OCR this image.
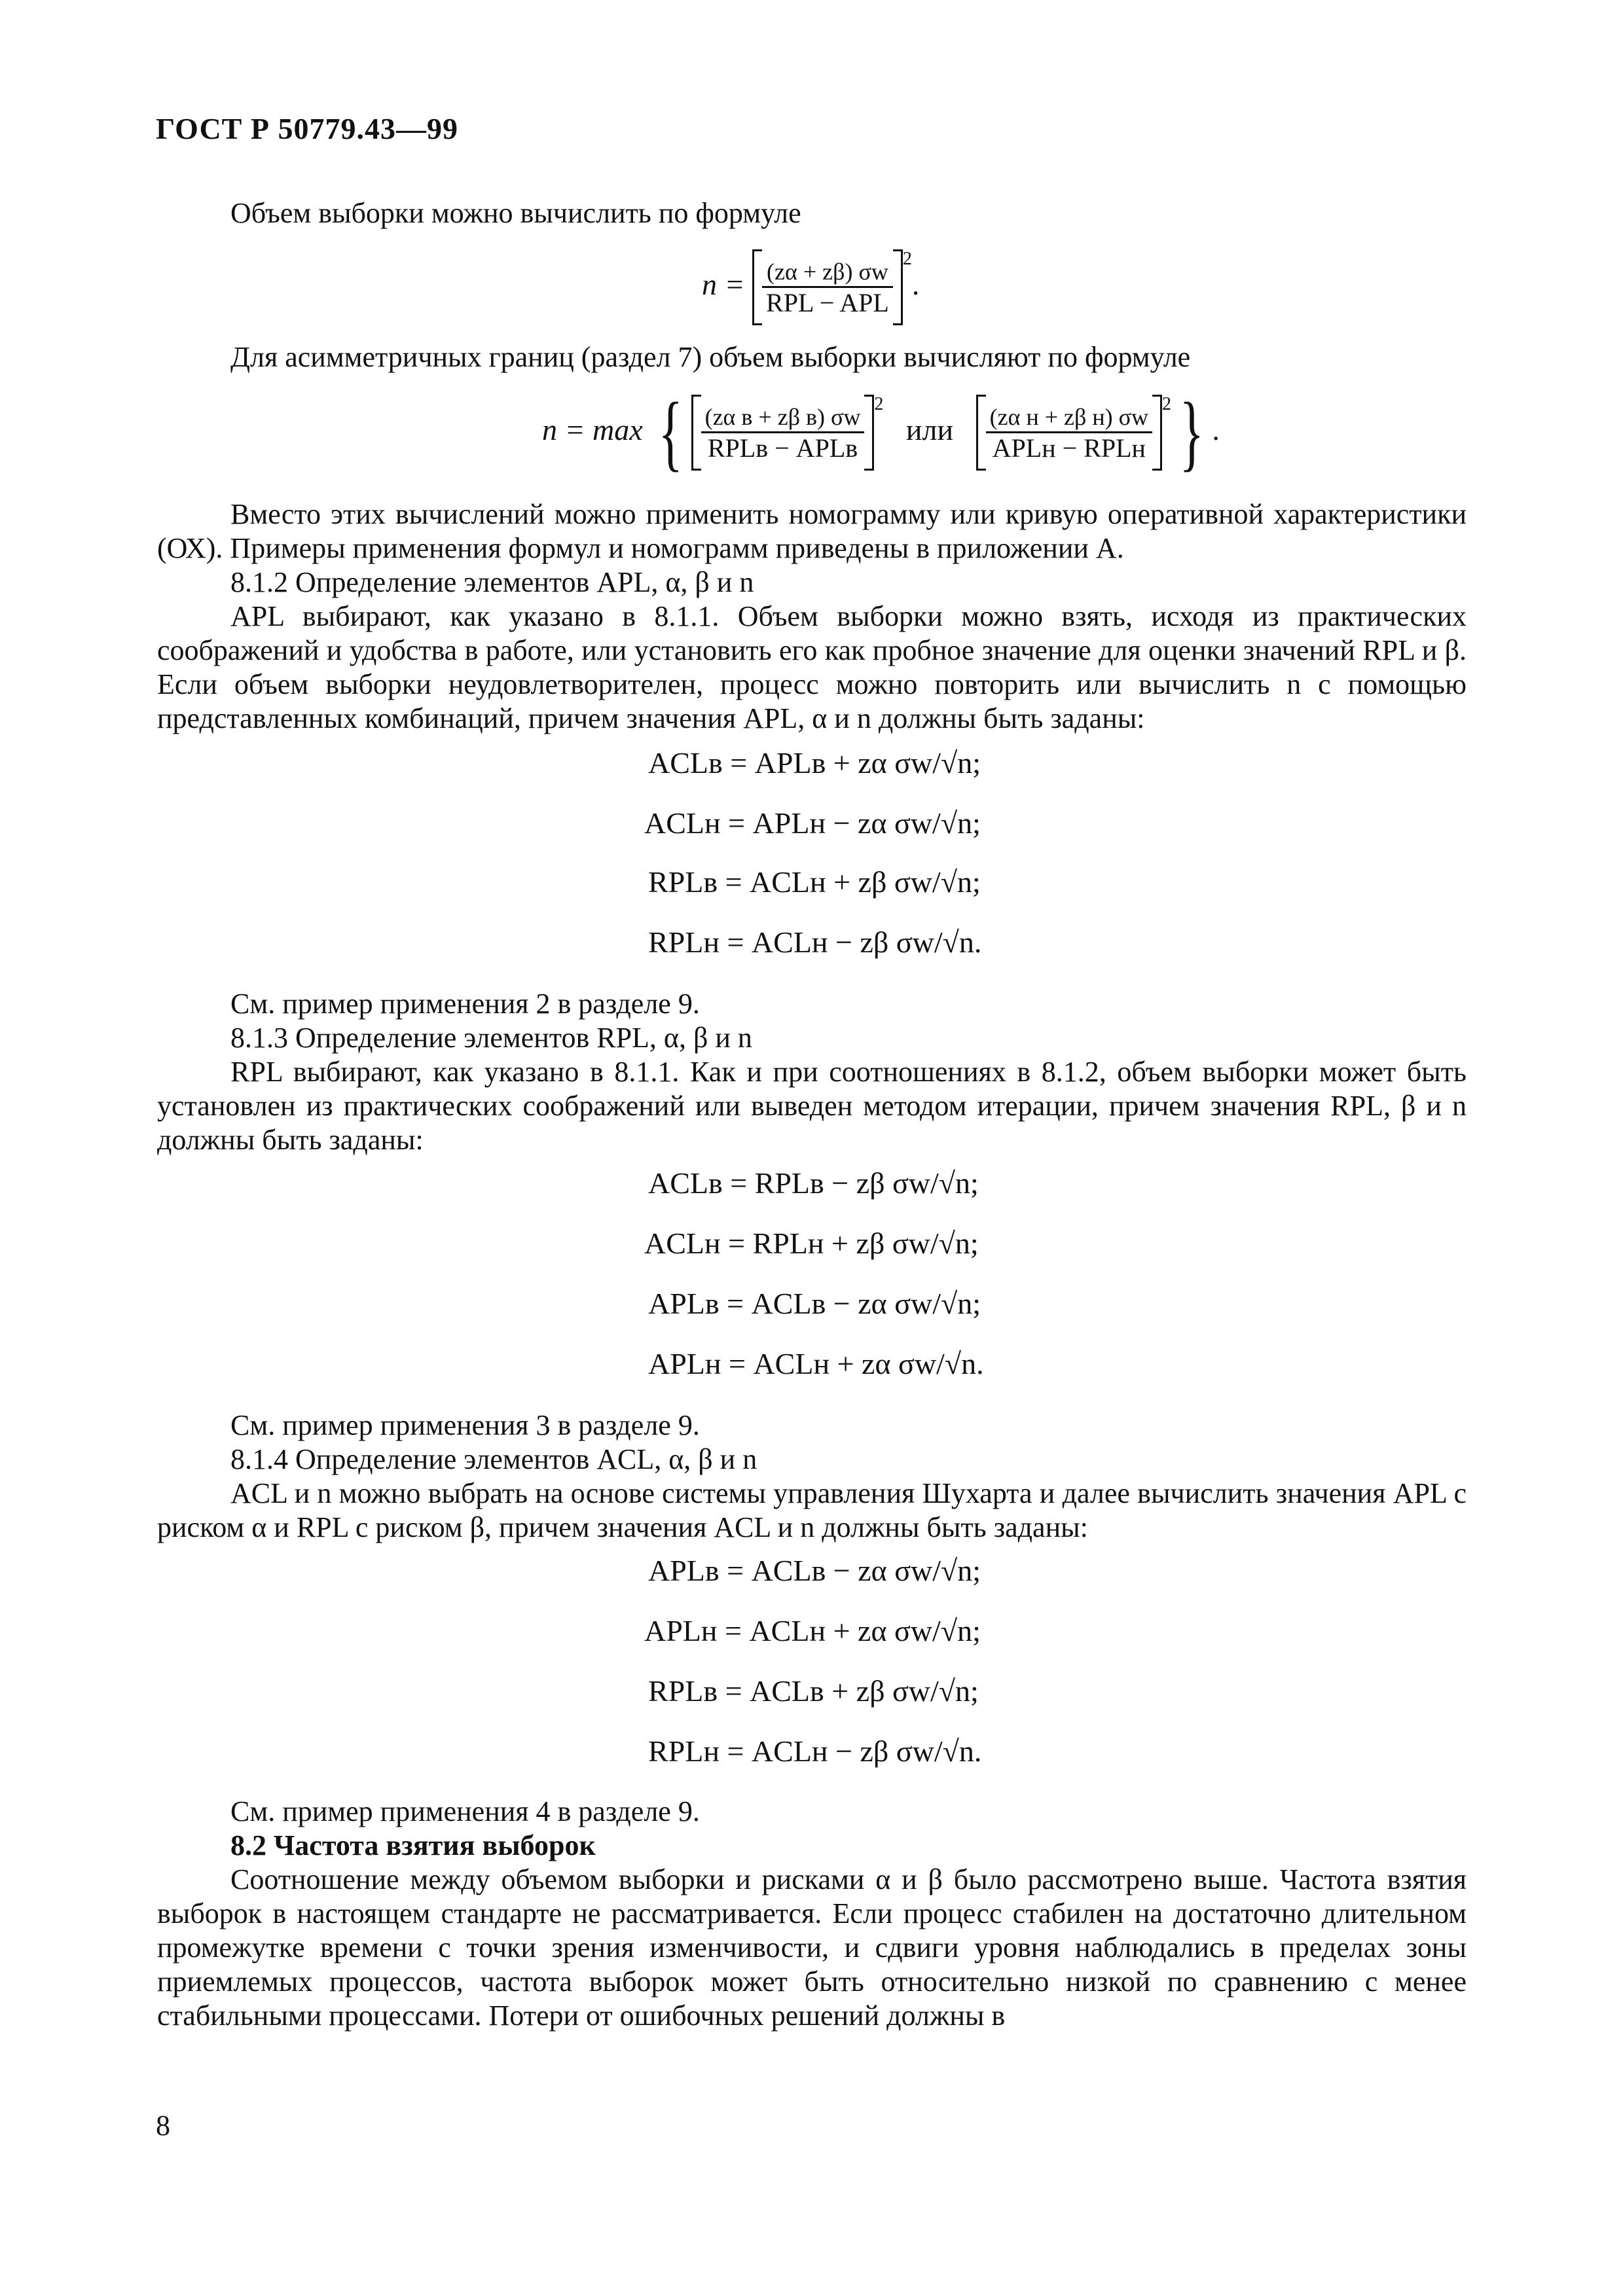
ГОСТ Р 50779.43—99
Объем выборки можно вычислить по формуле
$n = \frac{(z\alpha + z\beta) \sigma w}{\text{RPL − APL}} ^2$.
Для асимметричных границ (раздел 7) объем выборки вычисляют по формуле
n = max { $\frac{\text{(zα в + zβ в) σw}}{\text{RPLв − APLв}} ^2$   или $\frac{\text{(zα н + zβ н) σw}}{\text{APLн − RPLн}} ^2$} .
Вместо этих вычислений можно применить номограмму или кривую оперативной характеристики (ОХ). Примеры применения формул и номограмм приведены в приложении А.
8.1.2 Определение элементов APL, α, β и n
APL выбирают, как указано в 8.1.1. Объем выборки можно взять, исходя из практических соображений и удобства в работе, или установить его как пробное значение для оценки значений RPL и β. Если объем выборки неудовлетворителен, процесс можно повторить или вычислить n с помощью представленных комбинаций, причем значения APL, α и n должны быть заданы:
ACLв = APLв + zα σw/√n;
ACLн = APLн − zα σw/√n;
RPLв = ACLн + zβ σw/√n;
RPLн = ACLн − zβ σw/√n.
См. пример применения 2 в разделе 9.
8.1.3 Определение элементов RPL, α, β и n
RPL выбирают, как указано в 8.1.1. Как и при соотношениях в 8.1.2, объем выборки может быть установлен из практических соображений или выведен методом итерации, причем значения RPL, β и n должны быть заданы:
ACLв = RPLв − zβ σw/√n;
ACLн = RPLн + zβ σw/√n;
APLв = ACLв − zα σw/√n;
APLн = ACLн + zα σw/√n.
См. пример применения 3 в разделе 9.
8.1.4 Определение элементов ACL, α, β и n
ACL и n можно выбрать на основе системы управления Шухарта и далее вычислить значения APL с риском α и RPL с риском β, причем значения ACL и n должны быть заданы:
APLв = ACLв − zα σw/√n;
APLн = ACLн + zα σw/√n;
RPLв = ACLв + zβ σw/√n;
RPLн = ACLн − zβ σw/√n.
См. пример применения 4 в разделе 9.
8.2 Частота взятия выборок
Соотношение между объемом выборки и рисками α и β было рассмотрено выше. Частота взятия выборок в настоящем стандарте не рассматривается. Если процесс стабилен на достаточно длительном промежутке времени с точки зрения изменчивости, и сдвиги уровня наблюдались в пределах зоны приемлемых процессов, частота выборок может быть относительно низкой по сравнению с менее стабильными процессами. Потери от ошибочных решений должны в
8
